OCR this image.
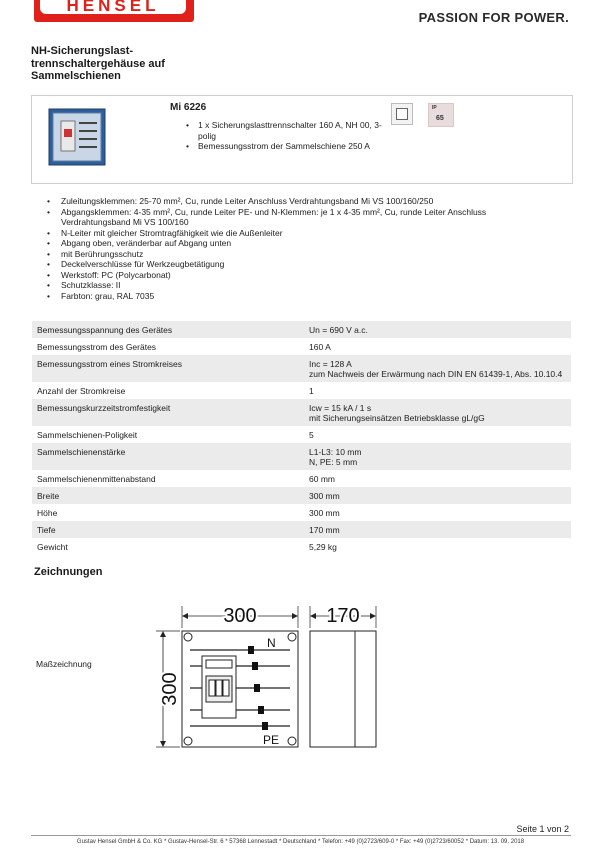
HENSEL
PASSION FOR POWER.
NH-Sicherungslast-trennschaltergehäuse auf Sammelschienen
Mi 6226
• 1 x Sicherungslasttrennschalter 160 A, NH 00, 3-polig
• Bemessungsstrom der Sammelschiene 250 A
IP
65
• Zuleitungsklemmen: 25-70 mm², Cu, runde Leiter Anschluss Verdrahtungsband Mi VS 100/160/250
• Abgangsklemmen: 4-35 mm², Cu, runde Leiter PE- und N-Klemmen: je 1 x 4-35 mm², Cu, runde Leiter Anschluss Verdrahtungsband Mi VS 100/160
• N-Leiter mit gleicher Stromtragfähigkeit wie die Außenleiter
• Abgang oben, veränderbar auf Abgang unten
• mit Berührungsschutz
• Deckelverschlüsse für Werkzeugbetätigung
• Werkstoff: PC (Polycarbonat)
• Schutzklasse: II
• Farbton: grau, RAL 7035
Bemessungsspannung des Gerätes	Un = 690 V a.c.
Bemessungsstrom des Gerätes	160 A
Bemessungsstrom eines Stromkreises	Inc = 128 A
zum Nachweis der Erwärmung nach DIN EN 61439-1, Abs. 10.10.4
Anzahl der Stromkreise	1
Bemessungskurzzeitstromfestigkeit	Icw = 15 kA / 1 s
mit Sicherungseinsätzen Betriebsklasse gL/gG
Sammelschienen-Poligkeit	5
Sammelschienenstärke	L1-L3: 10 mm
N, PE: 5 mm
Sammelschienenmittenabstand	60 mm
Breite	300 mm
Höhe	300 mm
Tiefe	170 mm
Gewicht	5,29 kg
Zeichnungen
Maßzeichnung
300	170
300
N
PE
Seite 1 von 2
Gustav Hensel GmbH & Co. KG * Gustav-Hensel-Str. 6 * 57368 Lennestadt * Deutschland * Telefon: +49 (0)2723/609-0 * Fax: +49 (0)2723/60052 * Datum: 13. 09. 2018
